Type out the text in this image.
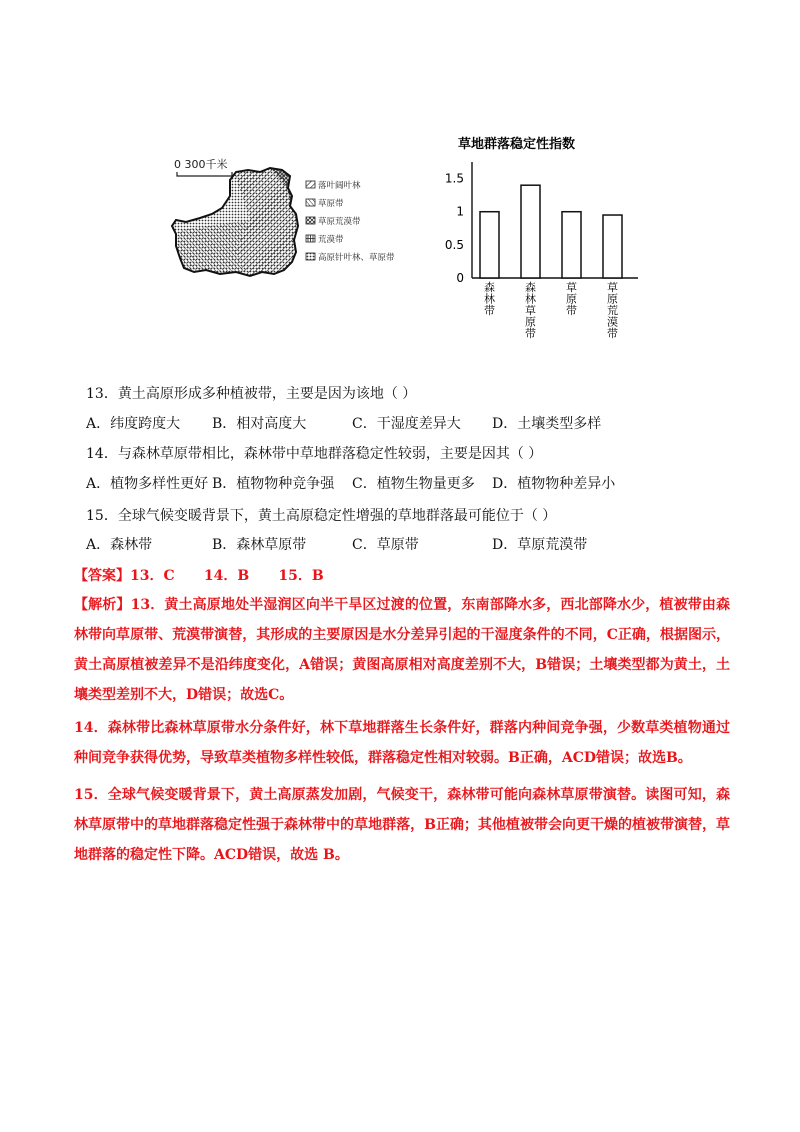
0 300千米
落叶阔叶林
草原带
草原荒漠带
荒漠带
高原针叶林、草原带
草地群落稳定性指数
0
0.5
1
1.5
森林带
森林草原带
草原带
草原荒漠带
13．黄土高原形成多种植被带，主要是因为该地（ ）
A．纬度跨度大 B．相对高度大	C．干湿度差异大 D．土壤类型多样
14．与森林草原带相比，森林带中草地群落稳定性较弱，主要是因其（ ）
A．植物多样性更好 B．植物物种竞争强 C．植物生物量更多 D．植物物种差异小
15．全球气候变暖背景下，黄土高原稳定性增强的草地群落最可能位于（ ）
A．森林带	B．森林草原带	C．草原带	D．草原荒漠带
【答案】13．C      14．B      15．B
【解析】13．黄土高原地处半湿润区向半干旱区过渡的位置，东南部降水多，西北部降水少，植被带由森林带向草原带、荒漠带演替，其形成的主要原因是水分差异引起的干湿度条件的不同，C正确，根据图示，黄土高原植被差异不是沿纬度变化，A错误；黄图高原相对高度差别不大，B错误；土壤类型都为黄土，土壤类型差别不大，D错误；故选C。
14．森林带比森林草原带水分条件好，林下草地群落生长条件好，群落内种间竞争强，少数草类植物通过种间竞争获得优势，导致草类植物多样性较低，群落稳定性相对较弱。B正确，ACD错误；故选B。
15．全球气候变暖背景下，黄土高原蒸发加剧，气候变干，森林带可能向森林草原带演替。读图可知，森林草原带中的草地群落稳定性强于森林带中的草地群落，B正确；其他植被带会向更干燥的植被带演替，草地群落的稳定性下降。ACD错误，故选 B。
